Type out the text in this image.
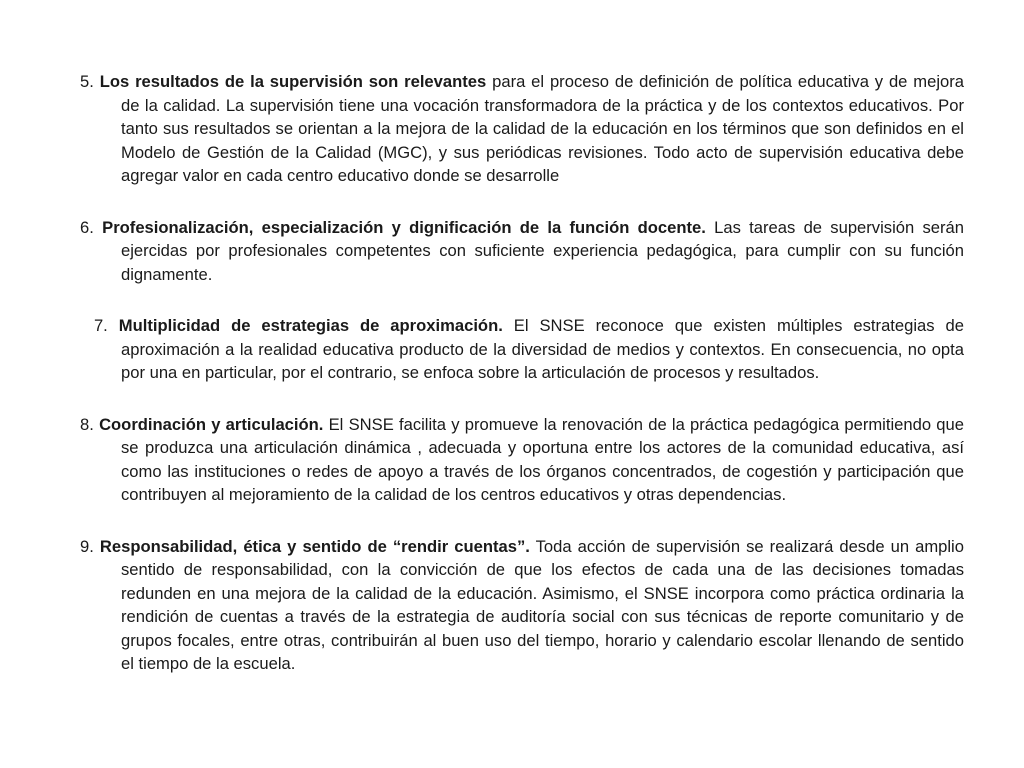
5. Los resultados de la supervisión son relevantes para el proceso de definición de política educativa y de mejora de la calidad. La supervisión tiene una vocación transformadora de la práctica y de los contextos educativos. Por tanto sus resultados se orientan a la mejora de la calidad de la educación en los términos que son definidos en el Modelo de Gestión de la Calidad (MGC), y sus periódicas revisiones. Todo acto de supervisión educativa debe agregar valor en cada centro educativo donde se desarrolle

6. Profesionalización, especialización y dignificación de la función docente. Las tareas de supervisión serán ejercidas por profesionales competentes con suficiente experiencia pedagógica, para cumplir con su función dignamente.

7. Multiplicidad de estrategias de aproximación. El SNSE reconoce que existen múltiples estrategias de aproximación a la realidad educativa producto de la diversidad de medios y contextos. En consecuencia, no opta por una en particular, por el contrario, se enfoca sobre la articulación de procesos y resultados.

8. Coordinación y articulación. El SNSE facilita y promueve la renovación de la práctica pedagógica permitiendo que se produzca una articulación dinámica , adecuada y oportuna entre los actores de la comunidad educativa, así como las instituciones o redes de apoyo a través de los órganos concentrados, de cogestión y participación que contribuyen al mejoramiento de la calidad de los centros educativos y otras dependencias.

9. Responsabilidad, ética y sentido de “rendir cuentas”. Toda acción de supervisión se realizará desde un amplio sentido de responsabilidad, con la convicción de que los efectos de cada una de las decisiones tomadas redunden en una mejora de la calidad de la educación. Asimismo, el SNSE incorpora como práctica ordinaria la rendición de cuentas a través de la estrategia de auditoría social con sus técnicas de reporte comunitario y de grupos focales, entre otras, contribuirán al buen uso del tiempo, horario y calendario escolar llenando de sentido el tiempo de la escuela.
